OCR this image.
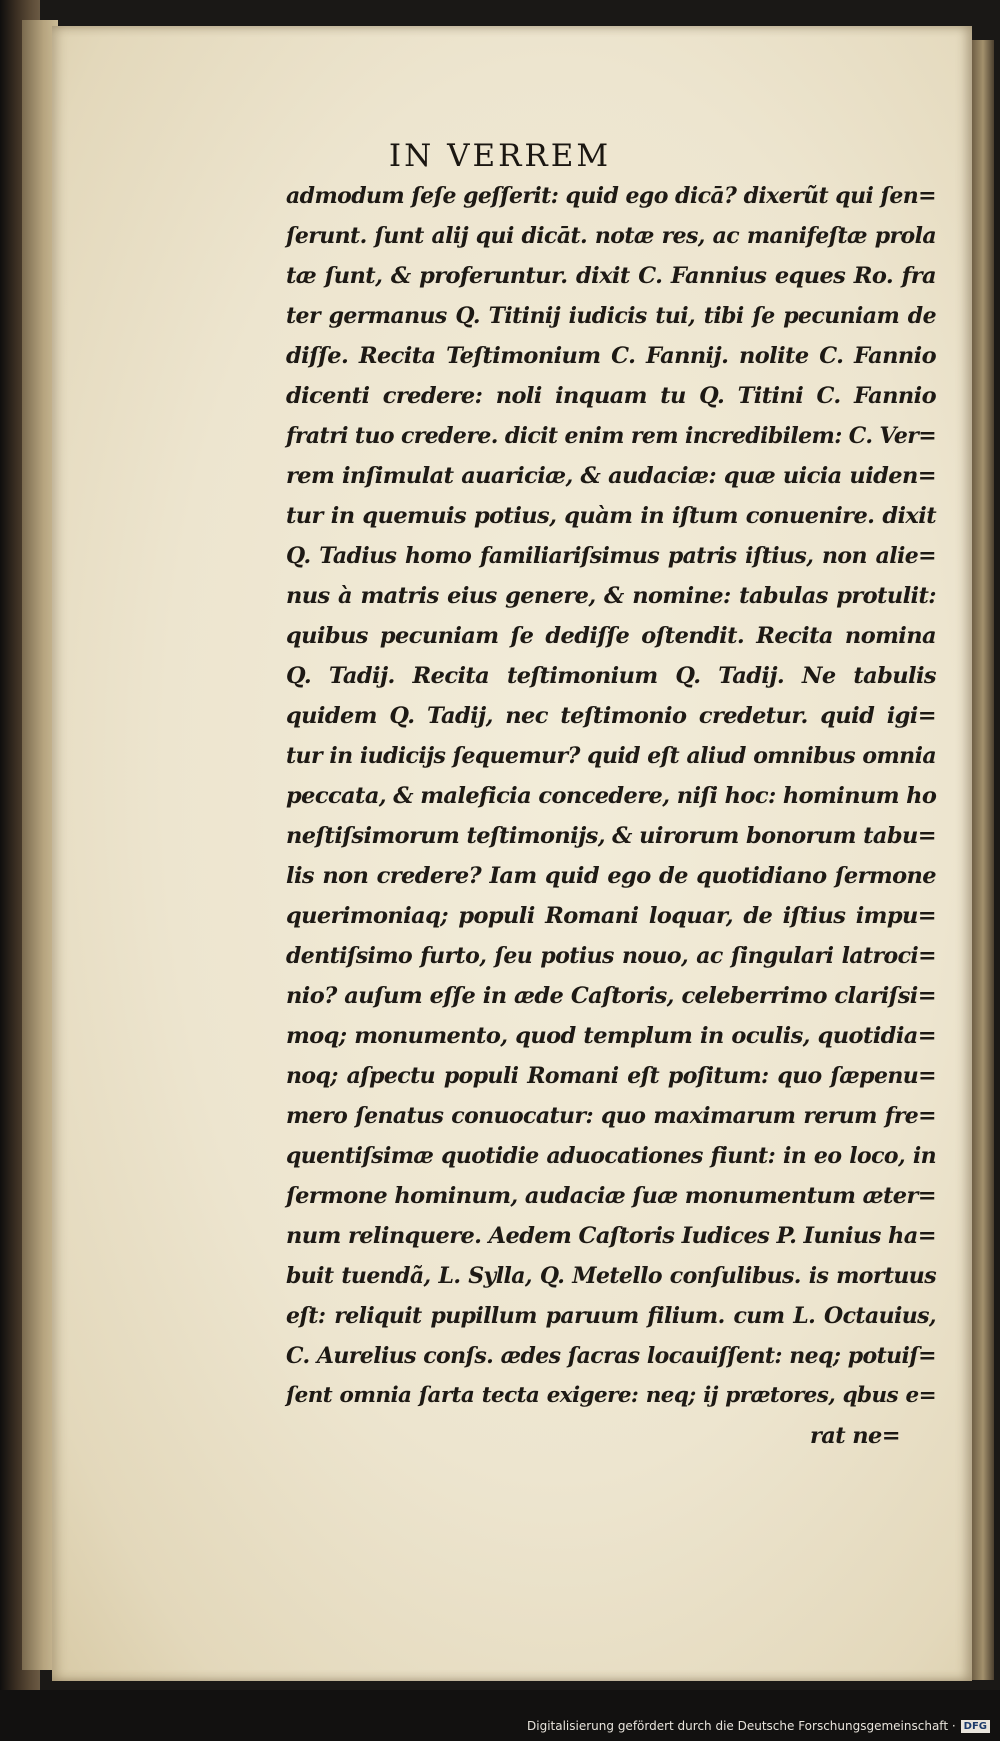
IN VERREM
admodum ſeſe geſſerit: quid ego dicā? dixerũt qui ſen=
ſerunt. ſunt alij qui dicāt. notæ res, ac manifeſtæ prola
tæ ſunt, & proferuntur. dixit C. Fannius eques Ro. fra
ter germanus Q. Titinij iudicis tui, tibi ſe pecuniam de
diſſe. Recita Teſtimonium C. Fannij. nolite C. Fannio
dicenti credere: noli inquam tu Q. Titini C. Fannio
fratri tuo credere. dicit enim rem incredibilem: C. Ver=
rem inſimulat auariciæ, & audaciæ: quæ uicia uiden=
tur in quemuis potius, quàm in iſtum conuenire. dixit
Q. Tadius homo familiariſsimus patris iſtius, non alie=
nus à matris eius genere, & nomine: tabulas protulit:
quibus pecuniam ſe dediſſe oſtendit. Recita nomina
Q. Tadij. Recita teſtimonium Q. Tadij. Ne tabulis
quidem Q. Tadij, nec teſtimonio credetur. quid igi=
tur in iudicijs ſequemur? quid eſt aliud omnibus omnia
peccata, & maleficia concedere, niſi hoc: hominum ho
neſtiſsimorum teſtimonijs, & uirorum bonorum tabu=
lis non credere? Iam quid ego de quotidiano ſermone
querimoniaq; populi Romani loquar, de iſtius impu=
dentiſsimo furto, ſeu potius nouo, ac ſingulari latroci=
nio? auſum eſſe in æde Caſtoris, celeberrimo clariſsi=
moq; monumento, quod templum in oculis, quotidia=
noq; aſpectu populi Romani eſt poſitum: quo ſæpenu=
mero ſenatus conuocatur: quo maximarum rerum fre=
quentiſsimæ quotidie aduocationes fiunt: in eo loco, in
ſermone hominum, audaciæ ſuæ monumentum æter=
num relinquere. Aedem Caſtoris Iudices P. Iunius ha=
buit tuendã, L. Sylla, Q. Metello conſulibus. is mortuus
eſt: reliquit pupillum paruum filium. cum L. Octauius,
C. Aurelius conſs. ædes ſacras locauiſſent: neq; potuiſ=
ſent omnia ſarta tecta exigere: neq; ij prætores, qbus e=
rat ne=
Digitalisierung gefördert durch die Deutsche Forschungsgemeinschaft · DFG
